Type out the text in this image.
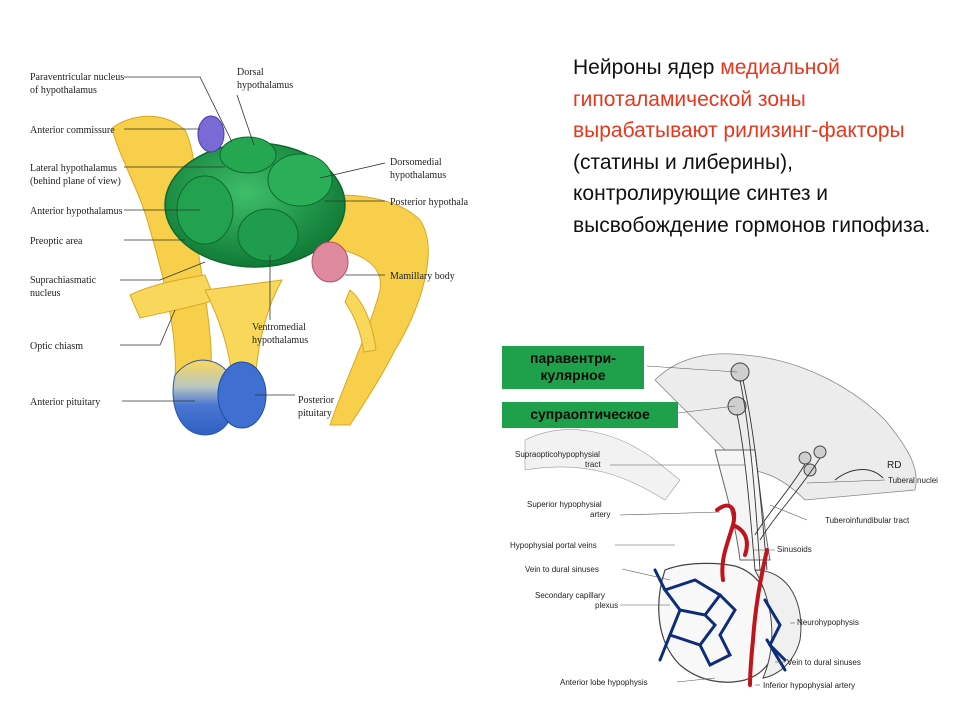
Paraventricular nucleus
of hypothalamus
Anterior commissure
Lateral hypothalamus
(behind plane of view)
Anterior hypothalamus
Preoptic area
Suprachiasmatic
nucleus
Optic chiasm
Anterior pituitary
Dorsal
hypothalamus
Dorsomedial
hypothalamus
Posterior hypothala
Mamillary body
Ventromedial
hypothalamus
Posterior
pituitary
Нейроны ядер медиальной гипоталамической зоны вырабатывают рилизинг-факторы (статины и либерины), контролирующие синтез и высвобождение гормонов гипофиза.
Supraopticohypophysial
tract
Superior hypophysial
artery
Hypophysial portal veins
Vein to dural sinuses
Secondary capillary
plexus
Anterior lobe hypophysis
Tuberal nuclei
Tuberoinfundibular tract
Sinusoids
Neurohypophysis
Vein to dural sinuses
Inferior hypophysial artery
RD
паравентри-
кулярное
супраоптическое
